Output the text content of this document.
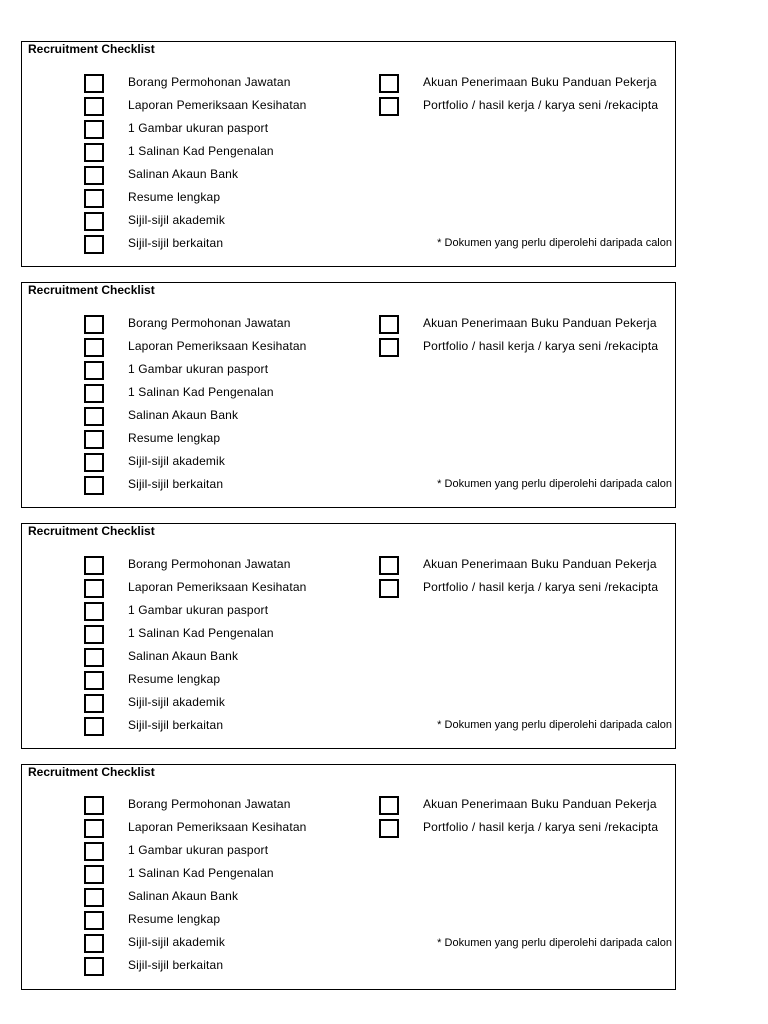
Recruitment Checklist
Borang Permohonan Jawatan
Laporan Pemeriksaan Kesihatan
1 Gambar ukuran pasport
1 Salinan Kad Pengenalan
Salinan Akaun Bank
Resume lengkap
Sijil-sijil akademik
Sijil-sijil berkaitan
Akuan Penerimaan Buku Panduan Pekerja
Portfolio / hasil kerja / karya seni /rekacipta
* Dokumen yang perlu diperolehi daripada calon
Recruitment Checklist
Borang Permohonan Jawatan
Laporan Pemeriksaan Kesihatan
1 Gambar ukuran pasport
1 Salinan Kad Pengenalan
Salinan Akaun Bank
Resume lengkap
Sijil-sijil akademik
Sijil-sijil berkaitan
Akuan Penerimaan Buku Panduan Pekerja
Portfolio / hasil kerja / karya seni /rekacipta
* Dokumen yang perlu diperolehi daripada calon
Recruitment Checklist
Borang Permohonan Jawatan
Laporan Pemeriksaan Kesihatan
1 Gambar ukuran pasport
1 Salinan Kad Pengenalan
Salinan Akaun Bank
Resume lengkap
Sijil-sijil akademik
Sijil-sijil berkaitan
Akuan Penerimaan Buku Panduan Pekerja
Portfolio / hasil kerja / karya seni /rekacipta
* Dokumen yang perlu diperolehi daripada calon
Recruitment Checklist
Borang Permohonan Jawatan
Laporan Pemeriksaan Kesihatan
1 Gambar ukuran pasport
1 Salinan Kad Pengenalan
Salinan Akaun Bank
Resume lengkap
Sijil-sijil akademik
Sijil-sijil berkaitan
Akuan Penerimaan Buku Panduan Pekerja
Portfolio / hasil kerja / karya seni /rekacipta
* Dokumen yang perlu diperolehi daripada calon
